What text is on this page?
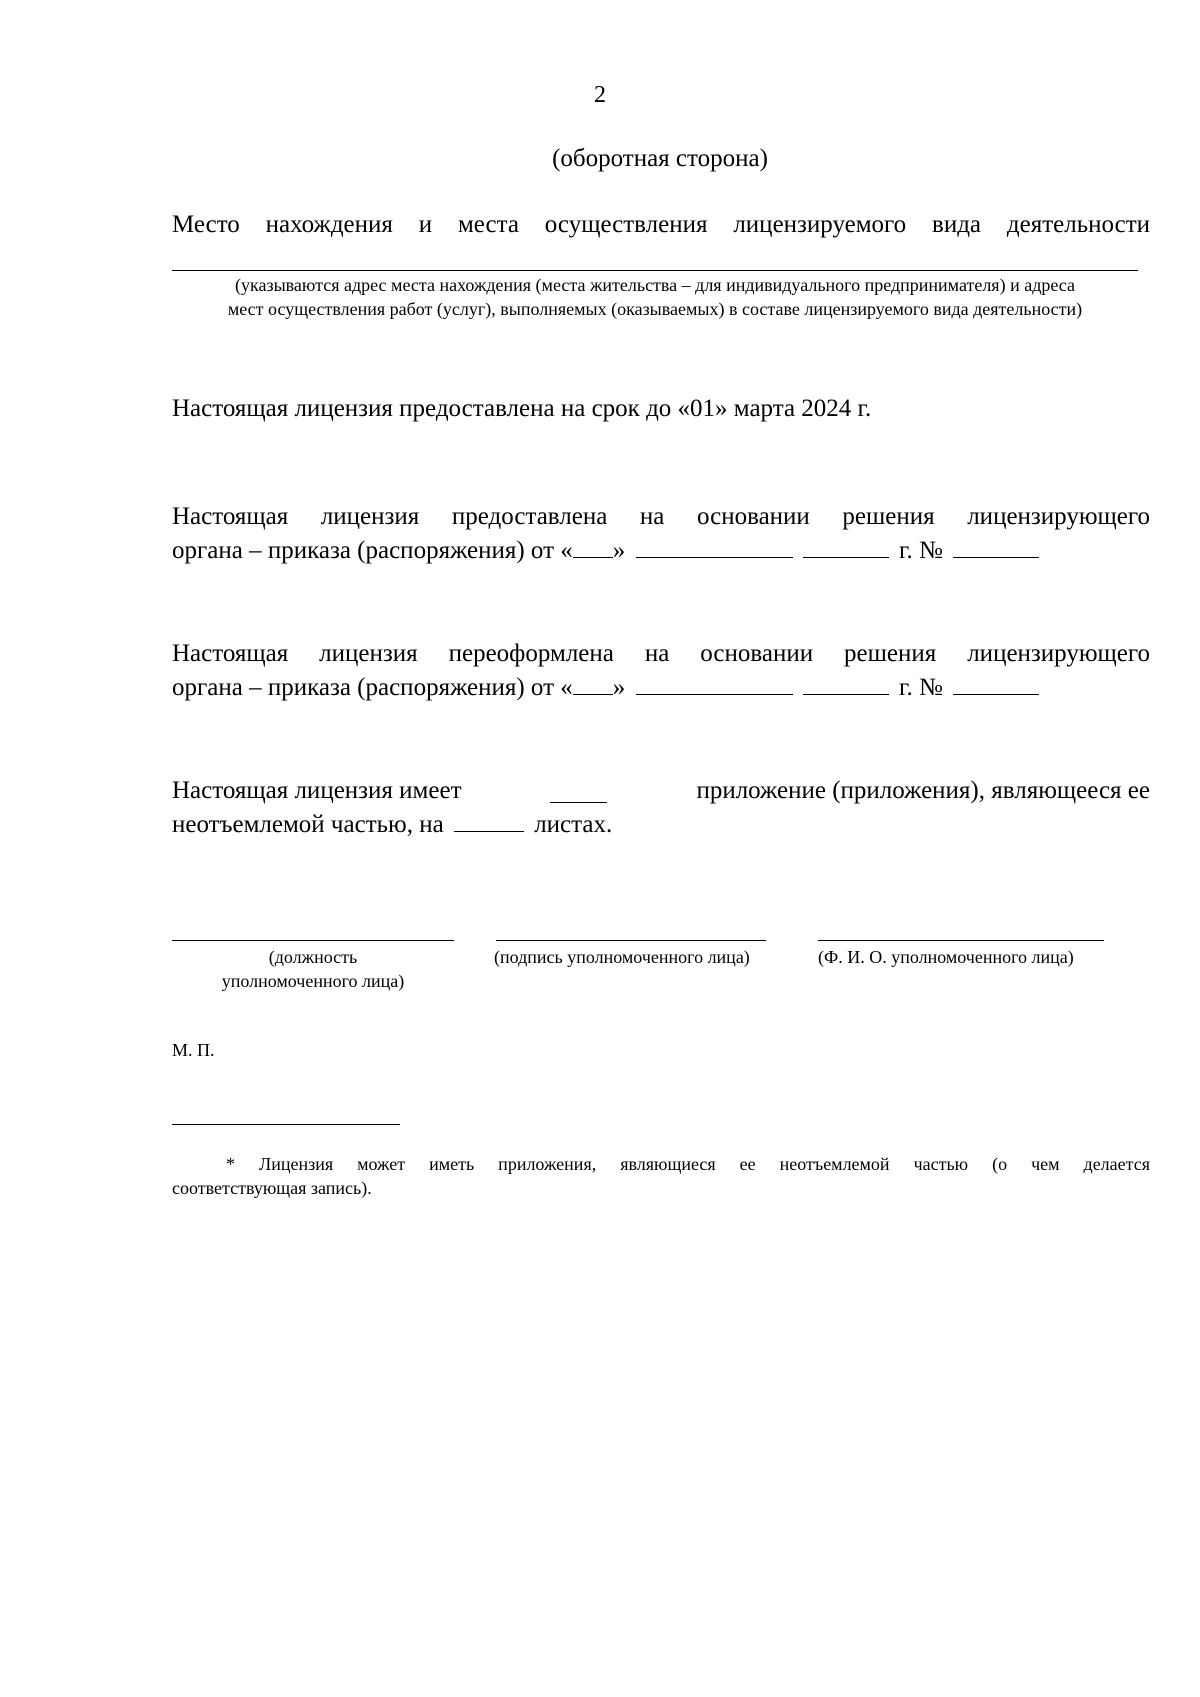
2
(оборотная сторона)
Место нахождения и места осуществления лицензируемого вида деятельности
(указываются адрес места нахождения (места жительства – для индивидуального предпринимателя) и адреса
мест осуществления работ (услуг), выполняемых (оказываемых) в составе лицензируемого вида деятельности)
Настоящая лицензия предоставлена на срок до «01» марта 2024 г.
Настоящая лицензия предоставлена на основании решения лицензирующего
органа – приказа (распоряжения) от « »	г. №
Настоящая лицензия переоформлена на основании решения лицензирующего
органа – приказа (распоряжения) от « »	г. №
Настоящая лицензия имеет	приложение (приложения), являющееся ее
неотъемлемой частью, на	листах.
(должность
уполномоченного лица)
(подпись уполномоченного лица)	(Ф. И. О. уполномоченного лица)
М. П.
* Лицензия может иметь приложения, являющиеся ее неотъемлемой частью (о чем делается
соответствующая запись).
